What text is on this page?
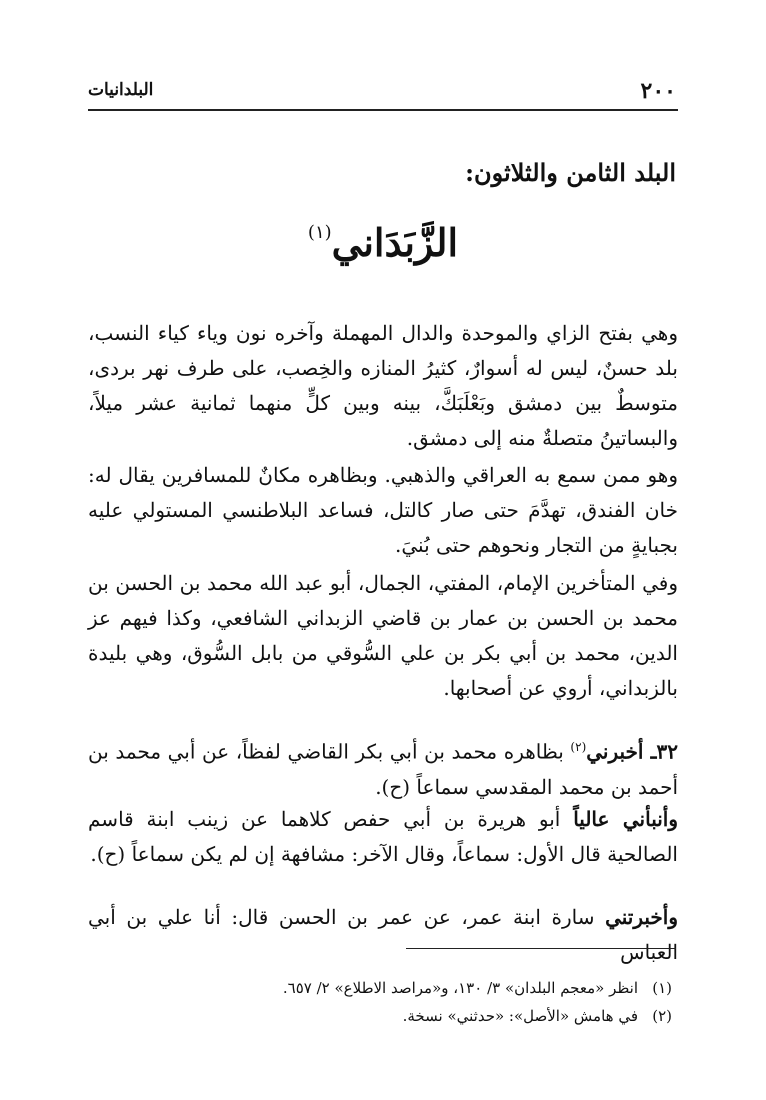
٢٠٠
البلدانيات
البلد الثامن والثلاثون:
الزَّبَدَاني$^{(١)}$
وهي بفتح الزاي والموحدة والدال المهملة وآخره نون وياء كياء النسب، بلد حسنٌ، ليس له أسوارٌ، كثيرُ المنازه والخِصب، على طرف نهر بردى، متوسطٌ بين دمشق وبَعْلَبَكَّ، بينه وبين كلٍّ منهما ثمانية عشر ميلاً، والبساتينُ متصلةٌ منه إلى دمشق.
وهو ممن سمع به العراقي والذهبي. وبظاهره مكانٌ للمسافرين يقال له: خان الفندق، تهدَّمَ حتى صار كالتل، فساعد البلاطنسي المستولي عليه بجبايةٍ من التجار ونحوهم حتى بُنيَ.
وفي المتأخرين الإمام، المفتي، الجمال، أبو عبد الله محمد بن الحسن بن محمد بن الحسن بن عمار بن قاضي الزبداني الشافعي، وكذا فيهم عز الدين، محمد بن أبي بكر بن علي السُّوقي من بابل السُّوق، وهي بليدة بالزبداني، أروي عن أصحابها.
٣٢ـ أخبرني$^{(٢)}$ بظاهره محمد بن أبي بكر القاضي لفظاً، عن أبي محمد بن أحمد بن محمد المقدسي سماعاً (ح).
وأنبأني عالياً أبو هريرة بن أبي حفص كلاهما عن زينب ابنة قاسم الصالحية قال الأول: سماعاً، وقال الآخر: مشافهة إن لم يكن سماعاً (ح).
وأخبرتني سارة ابنة عمر، عن عمر بن الحسن قال: أنا علي بن أبي العباس
(١)انظر «معجم البلدان» ٣/ ١٣٠، و«مراصد الاطلاع» ٢/ ٦٥٧.
(٢)في هامش «الأصل»: «حدثني» نسخة.
